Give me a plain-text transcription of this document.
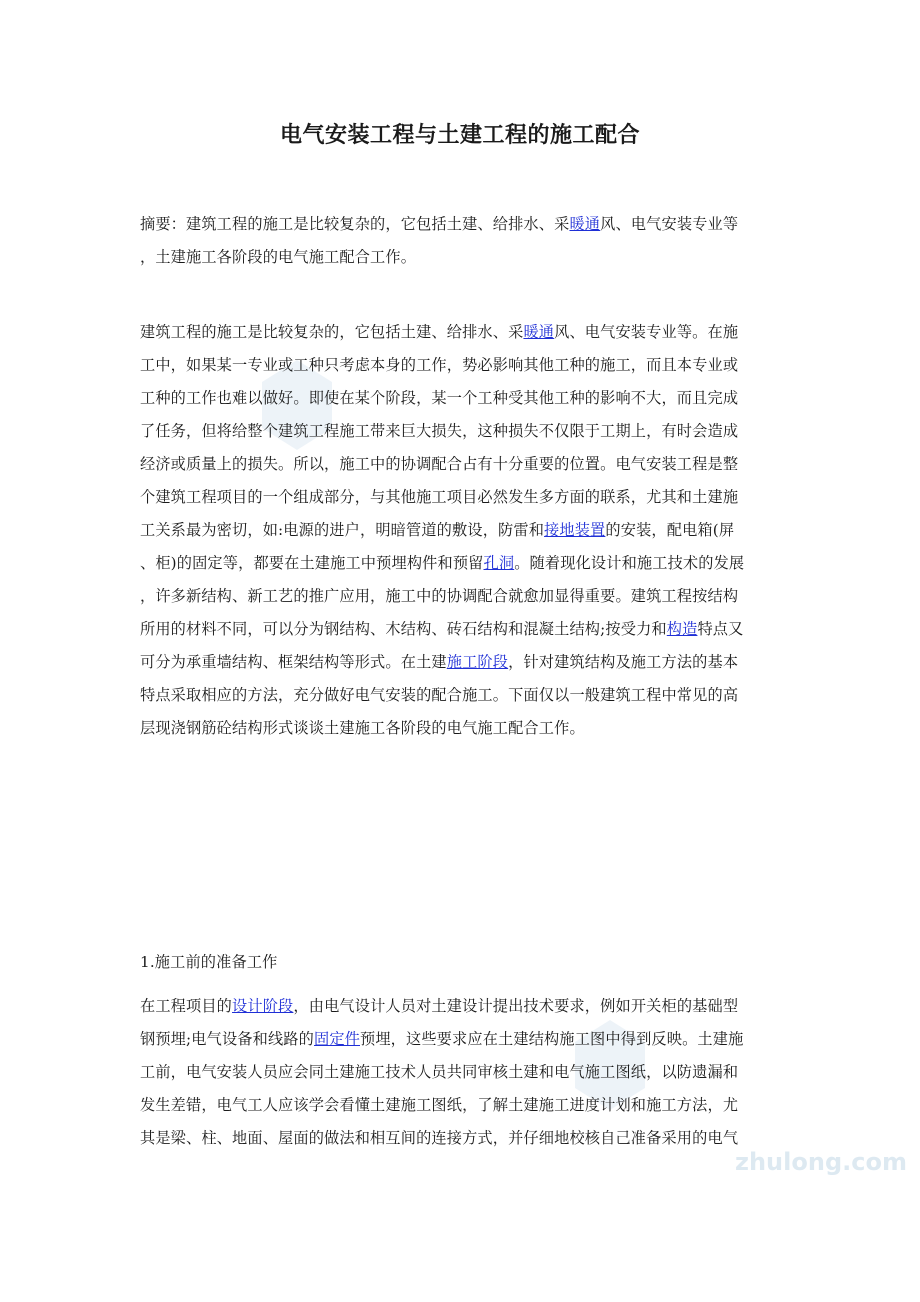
zhulong.com
电气安装工程与土建工程的施工配合
摘要：建筑工程的施工是比较复杂的，它包括土建、给排水、采暖通风、电气安装专业等
，土建施工各阶段的电气施工配合工作。
建筑工程的施工是比较复杂的，它包括土建、给排水、采暖通风、电气安装专业等。在施
工中，如果某一专业或工种只考虑本身的工作，势必影响其他工种的施工，而且本专业或
工种的工作也难以做好。即使在某个阶段，某一个工种受其他工种的影响不大，而且完成
了任务，但将给整个建筑工程施工带来巨大损失，这种损失不仅限于工期上，有时会造成
经济或质量上的损失。所以，施工中的协调配合占有十分重要的位置。电气安装工程是整
个建筑工程项目的一个组成部分，与其他施工项目必然发生多方面的联系，尤其和土建施
工关系最为密切，如:电源的进户，明暗管道的敷设，防雷和接地装置的安装，配电箱(屏
、柜)的固定等，都要在土建施工中预埋构件和预留孔洞。随着现化设计和施工技术的发展
，许多新结构、新工艺的推广应用，施工中的协调配合就愈加显得重要。建筑工程按结构
所用的材料不同，可以分为钢结构、木结构、砖石结构和混凝土结构;按受力和构造特点又
可分为承重墙结构、框架结构等形式。在土建施工阶段，针对建筑结构及施工方法的基本
特点采取相应的方法，充分做好电气安装的配合施工。下面仅以一般建筑工程中常见的高
层现浇钢筋砼结构形式谈谈土建施工各阶段的电气施工配合工作。
1.施工前的准备工作
在工程项目的设计阶段，由电气设计人员对土建设计提出技术要求，例如开关柜的基础型
钢预埋;电气设备和线路的固定件预埋，这些要求应在土建结构施工图中得到反映。土建施
工前，电气安装人员应会同土建施工技术人员共同审核土建和电气施工图纸，以防遗漏和
发生差错，电气工人应该学会看懂土建施工图纸，了解土建施工进度计划和施工方法，尤
其是梁、柱、地面、屋面的做法和相互间的连接方式，并仔细地校核自己准备采用的电气
